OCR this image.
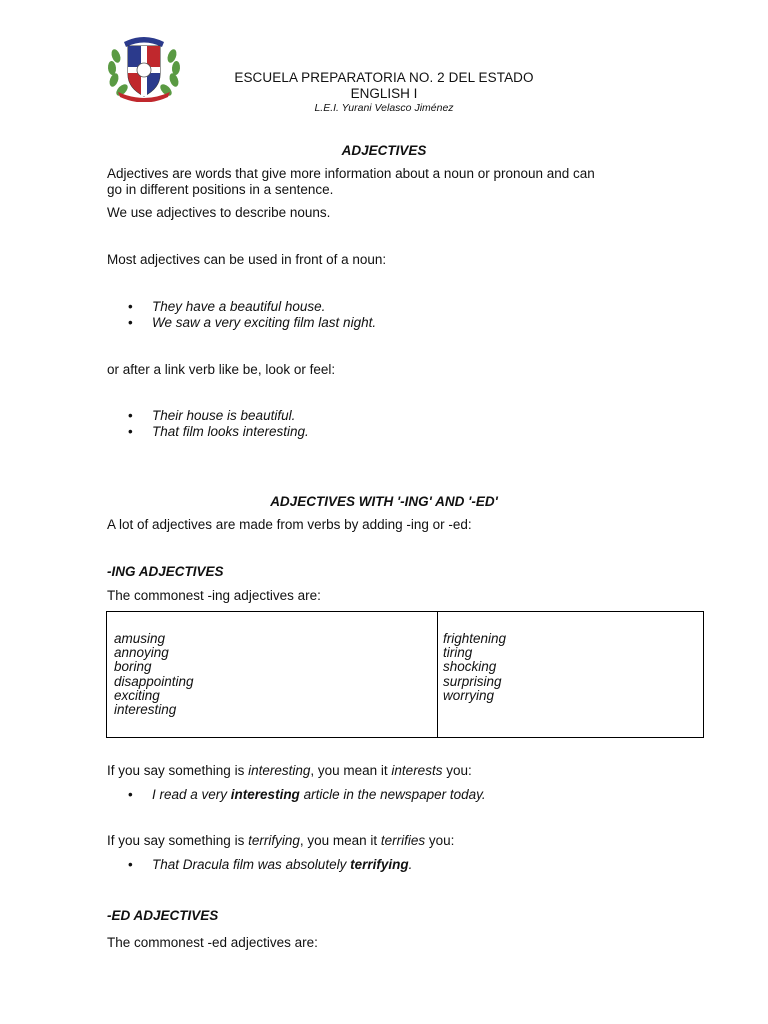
ESCUELA PREPARATORIA NO. 2 DEL ESTADO
ENGLISH I
L.E.I. Yurani Velasco Jiménez
ADJECTIVES
Adjectives are words that give more information about a noun or pronoun and can
go in different positions in a sentence.
We use adjectives to describe nouns.
Most adjectives can be used in front of a noun:
• They have a beautiful house.
• We saw a very exciting film last night.
or after a link verb like be, look or feel:
• Their house is beautiful.
• That film looks interesting.
ADJECTIVES WITH '-ING' AND '-ED'
A lot of adjectives are made from verbs by adding -ing or -ed:
-ING ADJECTIVES
The commonest -ing adjectives are:
amusing
annoying
boring
disappointing
exciting
interesting
frightening
tiring
shocking
surprising
worrying
If you say something is interesting, you mean it interests you:
• I read a very interesting article in the newspaper today.
If you say something is terrifying, you mean it terrifies you:
• That Dracula film was absolutely terrifying.
-ED ADJECTIVES
The commonest -ed adjectives are:
